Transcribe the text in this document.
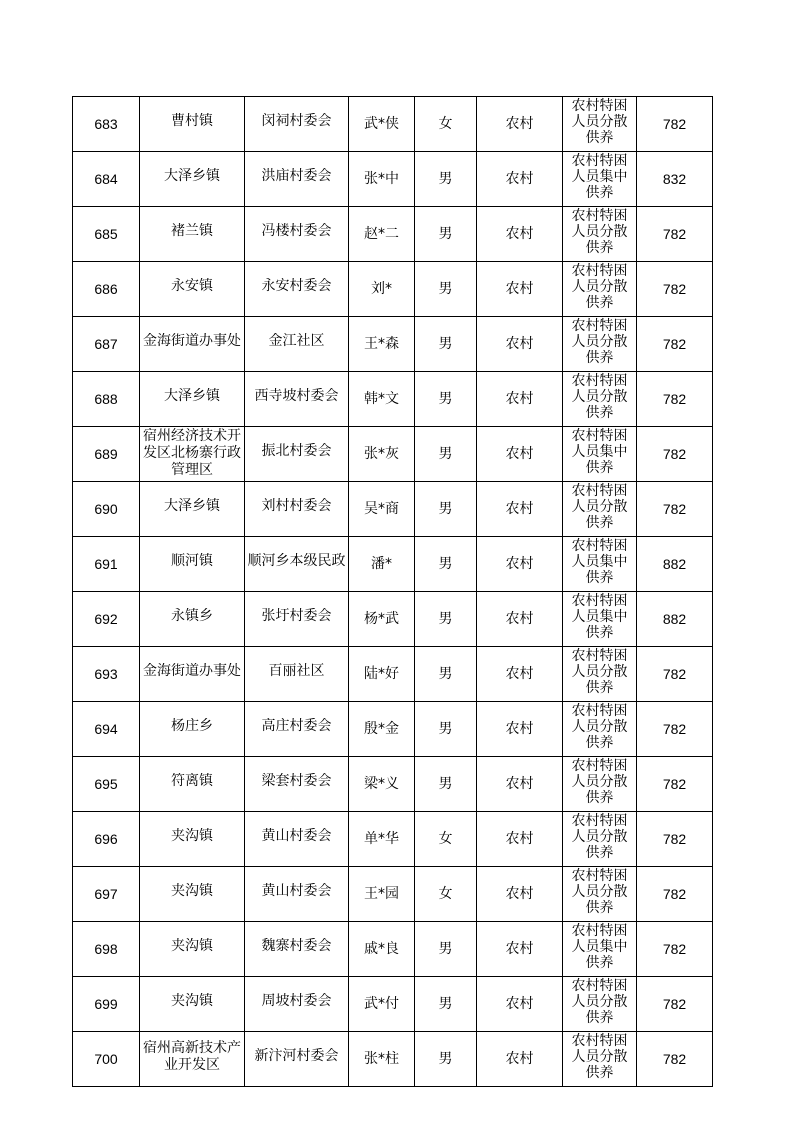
683	曹村镇	闵祠村委会	武*侠	女	农村	农村特困人员分散供养	782
684	大泽乡镇	洪庙村委会	张*中	男	农村	农村特困人员集中供养	832
685	褚兰镇	冯楼村委会	赵*二	男	农村	农村特困人员分散供养	782
686	永安镇	永安村委会	刘*	男	农村	农村特困人员分散供养	782
687	金海街道办事处	金江社区	王*森	男	农村	农村特困人员分散供养	782
688	大泽乡镇	西寺坡村委会	韩*文	男	农村	农村特困人员分散供养	782
689	宿州经济技术开发区北杨寨行政管理区	振北村委会	张*灰	男	农村	农村特困人员集中供养	782
690	大泽乡镇	刘村村委会	吴*商	男	农村	农村特困人员分散供养	782
691	顺河镇	顺河乡本级民政	潘*	男	农村	农村特困人员集中供养	882
692	永镇乡	张圩村委会	杨*武	男	农村	农村特困人员集中供养	882
693	金海街道办事处	百丽社区	陆*好	男	农村	农村特困人员分散供养	782
694	杨庄乡	高庄村委会	殷*金	男	农村	农村特困人员分散供养	782
695	符离镇	梁套村委会	梁*义	男	农村	农村特困人员分散供养	782
696	夹沟镇	黄山村委会	单*华	女	农村	农村特困人员分散供养	782
697	夹沟镇	黄山村委会	王*园	女	农村	农村特困人员分散供养	782
698	夹沟镇	魏寨村委会	戚*良	男	农村	农村特困人员集中供养	782
699	夹沟镇	周坡村委会	武*付	男	农村	农村特困人员分散供养	782
700	宿州高新技术产业开发区	新汴河村委会	张*柱	男	农村	农村特困人员分散供养	782
